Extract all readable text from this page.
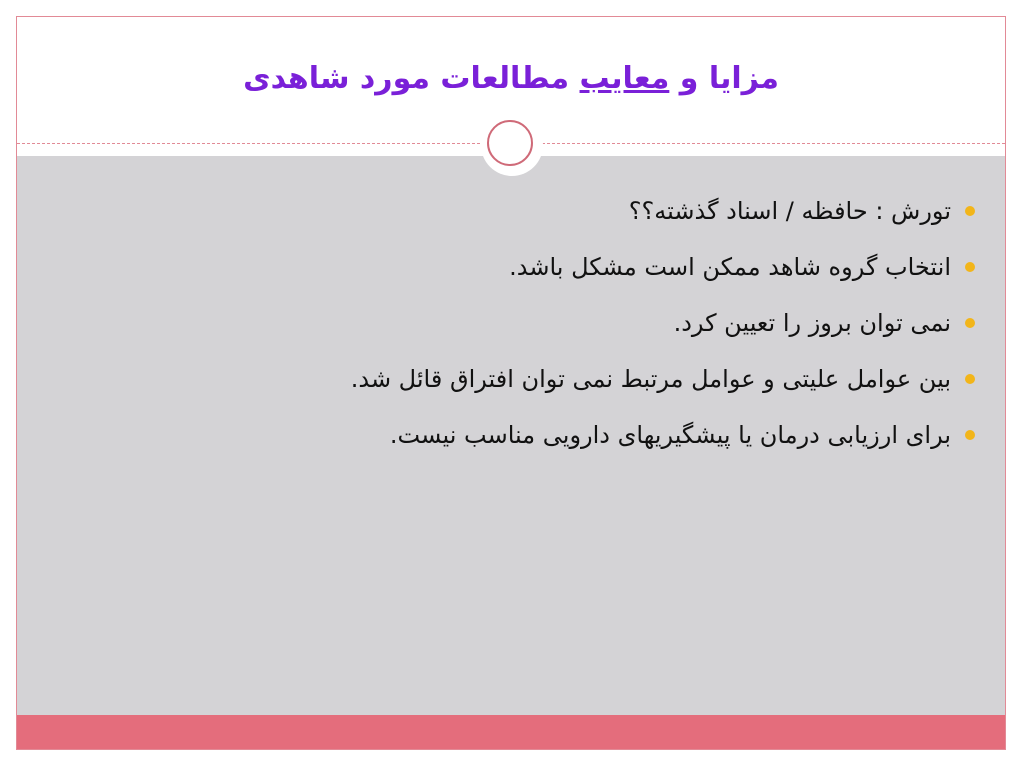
مزایا و معایب مطالعات مورد شاهدی
تورش : حافظه / اسناد گذشته؟؟
انتخاب گروه شاهد ممکن است مشکل باشد.
نمی توان بروز را تعیین کرد.
بین عوامل علیتی و عوامل مرتبط نمی توان افتراق قائل شد.
برای ارزیابی درمان یا پیشگیریهای دارویی مناسب نیست.
